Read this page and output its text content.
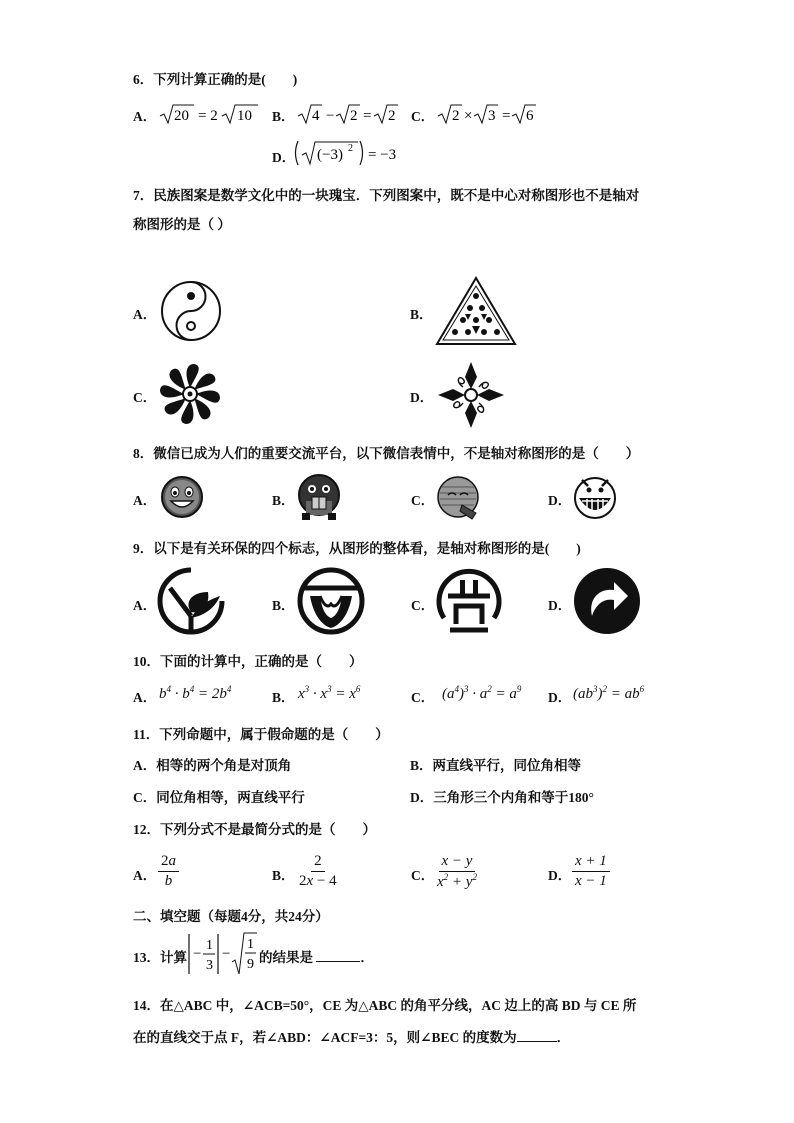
6．下列计算正确的是(　　)
A． 20 = 2 10 B． 4 − 2 = 2 C． 2 × 3 = 6
D． (−3) 2 = −3
7．民族图案是数学文化中的一块瑰宝．下列图案中，既不是中心对称图形也不是轴对
称图形的是（ ）
A．	B．
C．	D．
8．微信已成为人们的重要交流平台，以下微信表情中，不是轴对称图形的是（　　）
A．	B．	C．	D．
9．以下是有关环保的四个标志，从图形的整体看，是轴对称图形的是(　　)
A．	B．	C．	D．
10．下面的计算中，正确的是（　　）
A． $b^4 \cdot b^4 = 2b^4$
B． $x^3 \cdot x^3 = x^6$
C． $(a^4)^3 \cdot a^2 = a^9$
D． $(ab^3)^2 = ab^6$
11．下列命题中，属于假命题的是（　　）
A．相等的两个角是对顶角	B．两直线平行，同位角相等
C．同位角相等，两直线平行	D．三角形三个内角和等于180°
12．下列分式不是最简分式的是（　　）
A． $\frac{2a}{b}$	B． $\frac{2}{2x - 4}$	C． $\frac{x - y}{x^2 + y^2}$	D． $\frac{x + 1}{x - 1}$
二、填空题（每题4分，共24分）
13．计算 −
1
3
−
1
9 的结果是	．
14．在△ABC 中，∠ACB=50°，CE 为△ABC 的角平分线，AC 边上的高 BD 与 CE 所
在的直线交于点 F，若∠ABD：∠ACF=3：5，则∠BEC 的度数为	．
